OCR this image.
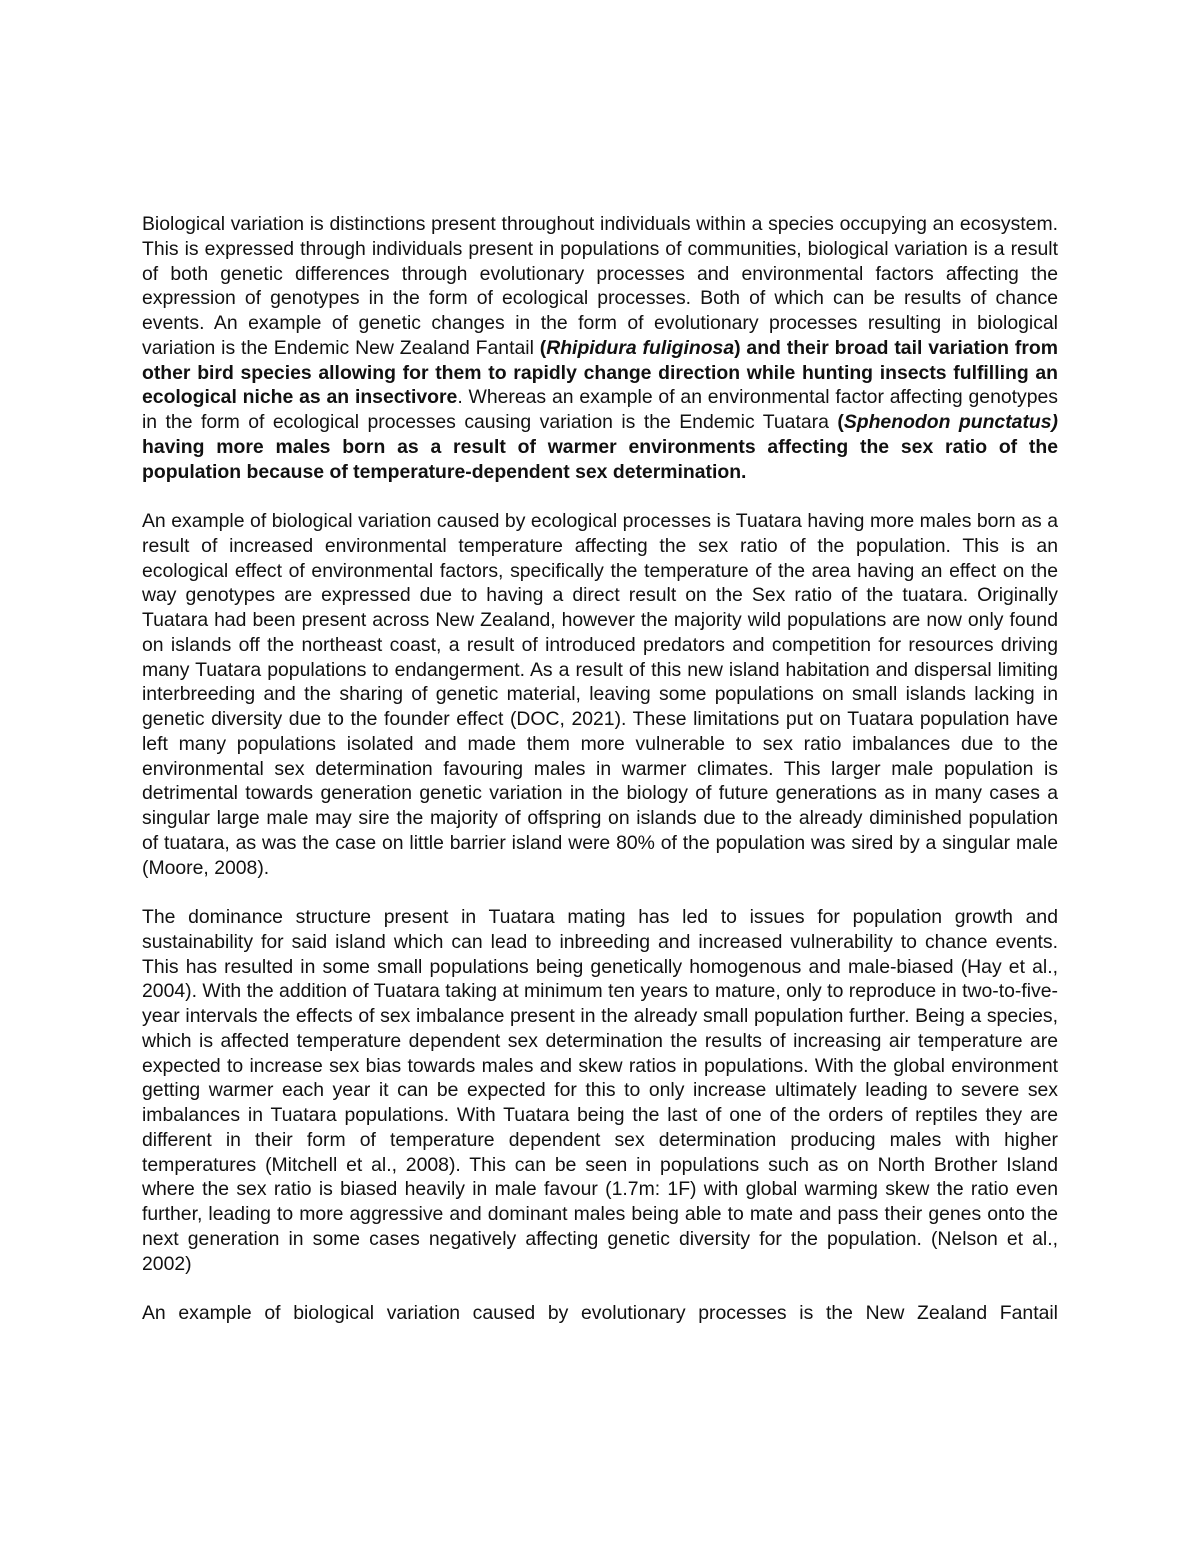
Biological variation is distinctions present throughout individuals within a species occupying an ecosystem. This is expressed through individuals present in populations of communities, biological variation is a result of both genetic differences through evolutionary processes and environmental factors affecting the expression of genotypes in the form of ecological processes. Both of which can be results of chance events. An example of genetic changes in the form of evolutionary processes resulting in biological variation is the Endemic New Zealand Fantail (Rhipidura fuliginosa) and their broad tail variation from other bird species allowing for them to rapidly change direction while hunting insects fulfilling an ecological niche as an insectivore. Whereas an example of an environmental factor affecting genotypes in the form of ecological processes causing variation is the Endemic Tuatara (Sphenodon punctatus) having more males born as a result of warmer environments affecting the sex ratio of the population because of temperature-dependent sex determination.

An example of biological variation caused by ecological processes is Tuatara having more males born as a result of increased environmental temperature affecting the sex ratio of the population. This is an ecological effect of environmental factors, specifically the temperature of the area having an effect on the way genotypes are expressed due to having a direct result on the Sex ratio of the tuatara. Originally Tuatara had been present across New Zealand, however the majority wild populations are now only found on islands off the northeast coast, a result of introduced predators and competition for resources driving many Tuatara populations to endangerment. As a result of this new island habitation and dispersal limiting interbreeding and the sharing of genetic material, leaving some populations on small islands lacking in genetic diversity due to the founder effect (DOC, 2021). These limitations put on Tuatara population have left many populations isolated and made them more vulnerable to sex ratio imbalances due to the environmental sex determination favouring males in warmer climates. This larger male population is detrimental towards generation genetic variation in the biology of future generations as in many cases a singular large male may sire the majority of offspring on islands due to the already diminished population of tuatara, as was the case on little barrier island were 80% of the population was sired by a singular male (Moore, 2008).

The dominance structure present in Tuatara mating has led to issues for population growth and sustainability for said island which can lead to inbreeding and increased vulnerability to chance events. This has resulted in some small populations being genetically homogenous and male-biased (Hay et al., 2004). With the addition of Tuatara taking at minimum ten years to mature, only to reproduce in two-to-five-year intervals the effects of sex imbalance present in the already small population further. Being a species, which is affected temperature dependent sex determination the results of increasing air temperature are expected to increase sex bias towards males and skew ratios in populations. With the global environment getting warmer each year it can be expected for this to only increase ultimately leading to severe sex imbalances in Tuatara populations. With Tuatara being the last of one of the orders of reptiles they are different in their form of temperature dependent sex determination producing males with higher temperatures (Mitchell et al., 2008). This can be seen in populations such as on North Brother Island where the sex ratio is biased heavily in male favour (1.7m: 1F) with global warming skew the ratio even further, leading to more aggressive and dominant males being able to mate and pass their genes onto the next generation in some cases negatively affecting genetic diversity for the population. (Nelson et al., 2002)

An example of biological variation caused by evolutionary processes is the New Zealand Fantail
